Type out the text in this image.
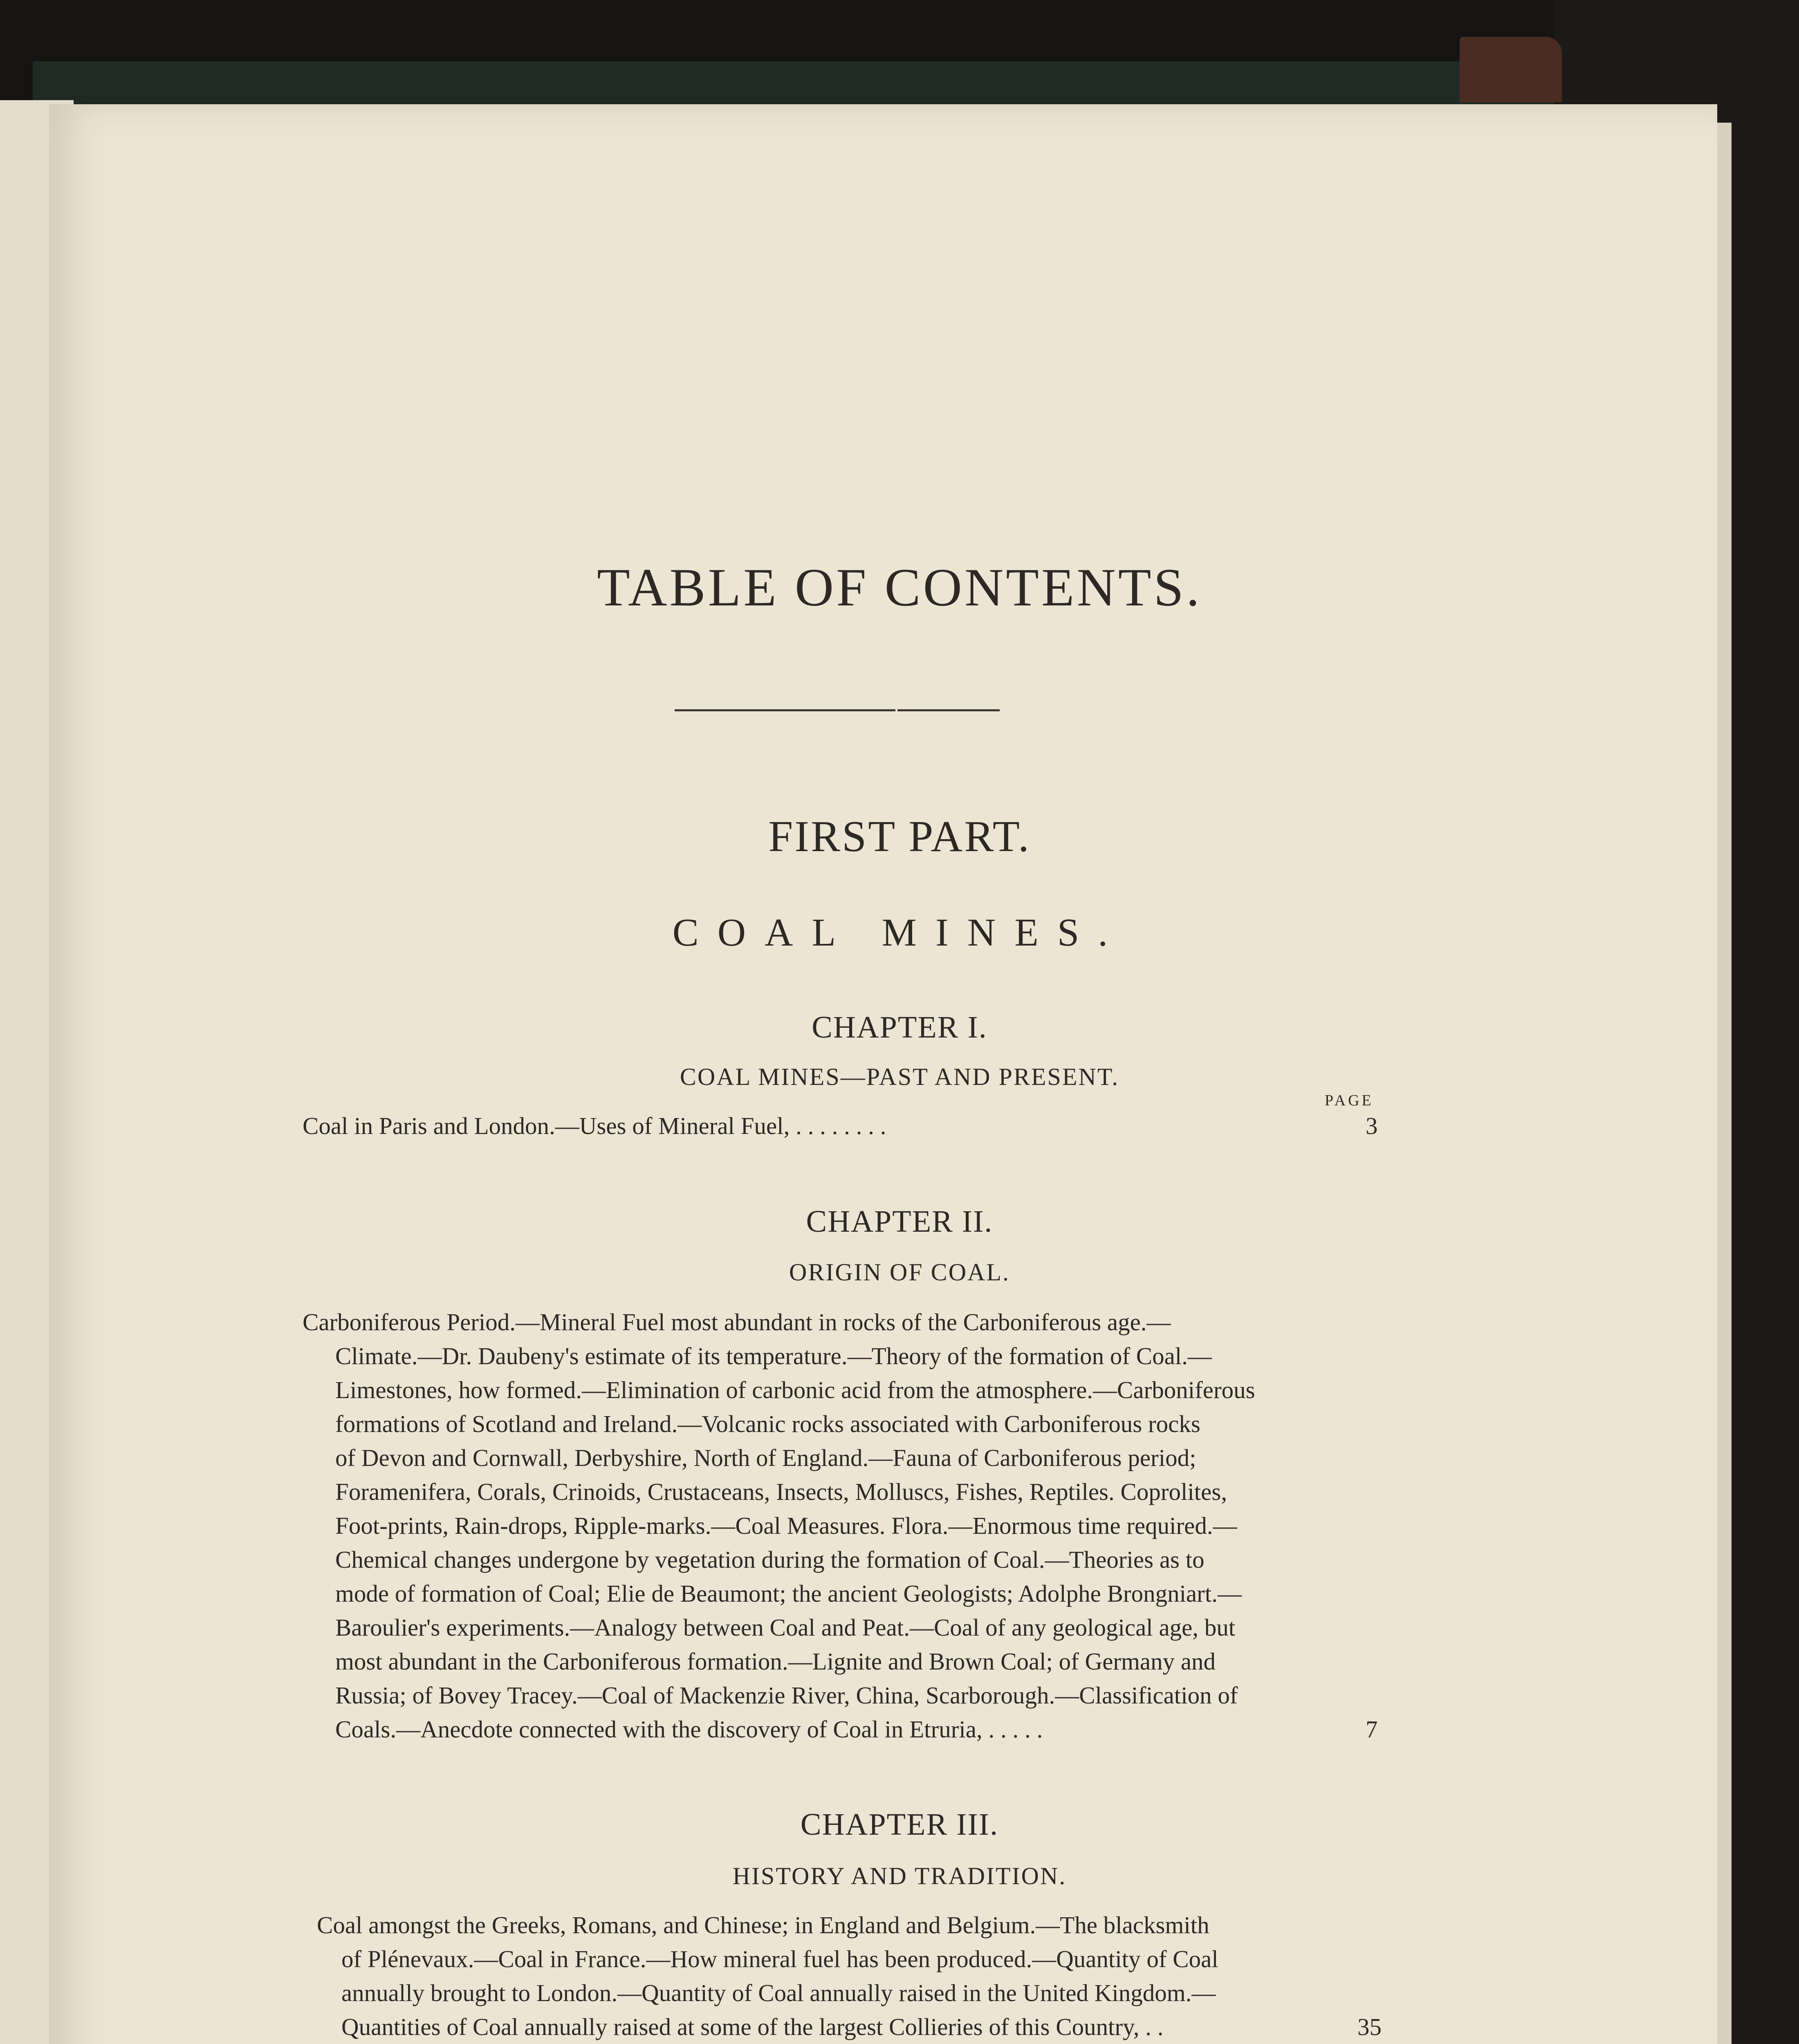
TABLE OF CONTENTS.
FIRST PART.
COAL MINES.
CHAPTER I.
COAL MINES—PAST AND PRESENT.
PAGE
Coal in Paris and London.—Uses of Mineral Fuel, . . . . . . . .	3
CHAPTER II.
ORIGIN OF COAL.
Carboniferous Period.—Mineral Fuel most abundant in rocks of the Carboniferous age.—
Climate.—Dr. Daubeny's estimate of its temperature.—Theory of the formation of Coal.—
Limestones, how formed.—Elimination of carbonic acid from the atmosphere.—Carboniferous
formations of Scotland and Ireland.—Volcanic rocks associated with Carboniferous rocks
of Devon and Cornwall, Derbyshire, North of England.—Fauna of Carboniferous period;
Foramenifera, Corals, Crinoids, Crustaceans, Insects, Molluscs, Fishes, Reptiles. Coprolites,
Foot-prints, Rain-drops, Ripple-marks.—Coal Measures. Flora.—Enormous time required.—
Chemical changes undergone by vegetation during the formation of Coal.—Theories as to
mode of formation of Coal; Elie de Beaumont; the ancient Geologists; Adolphe Brongniart.—
Baroulier's experiments.—Analogy between Coal and Peat.—Coal of any geological age, but
most abundant in the Carboniferous formation.—Lignite and Brown Coal; of Germany and
Russia; of Bovey Tracey.—Coal of Mackenzie River, China, Scarborough.—Classification of
Coals.—Anecdote connected with the discovery of Coal in Etruria, . . . . .	7
CHAPTER III.
HISTORY AND TRADITION.
Coal amongst the Greeks, Romans, and Chinese; in England and Belgium.—The blacksmith
of Plénevaux.—Coal in France.—How mineral fuel has been produced.—Quantity of Coal
annually brought to London.—Quantity of Coal annually raised in the United Kingdom.—
Quantities of Coal annually raised at some of the largest Collieries of this Country, . .	35
